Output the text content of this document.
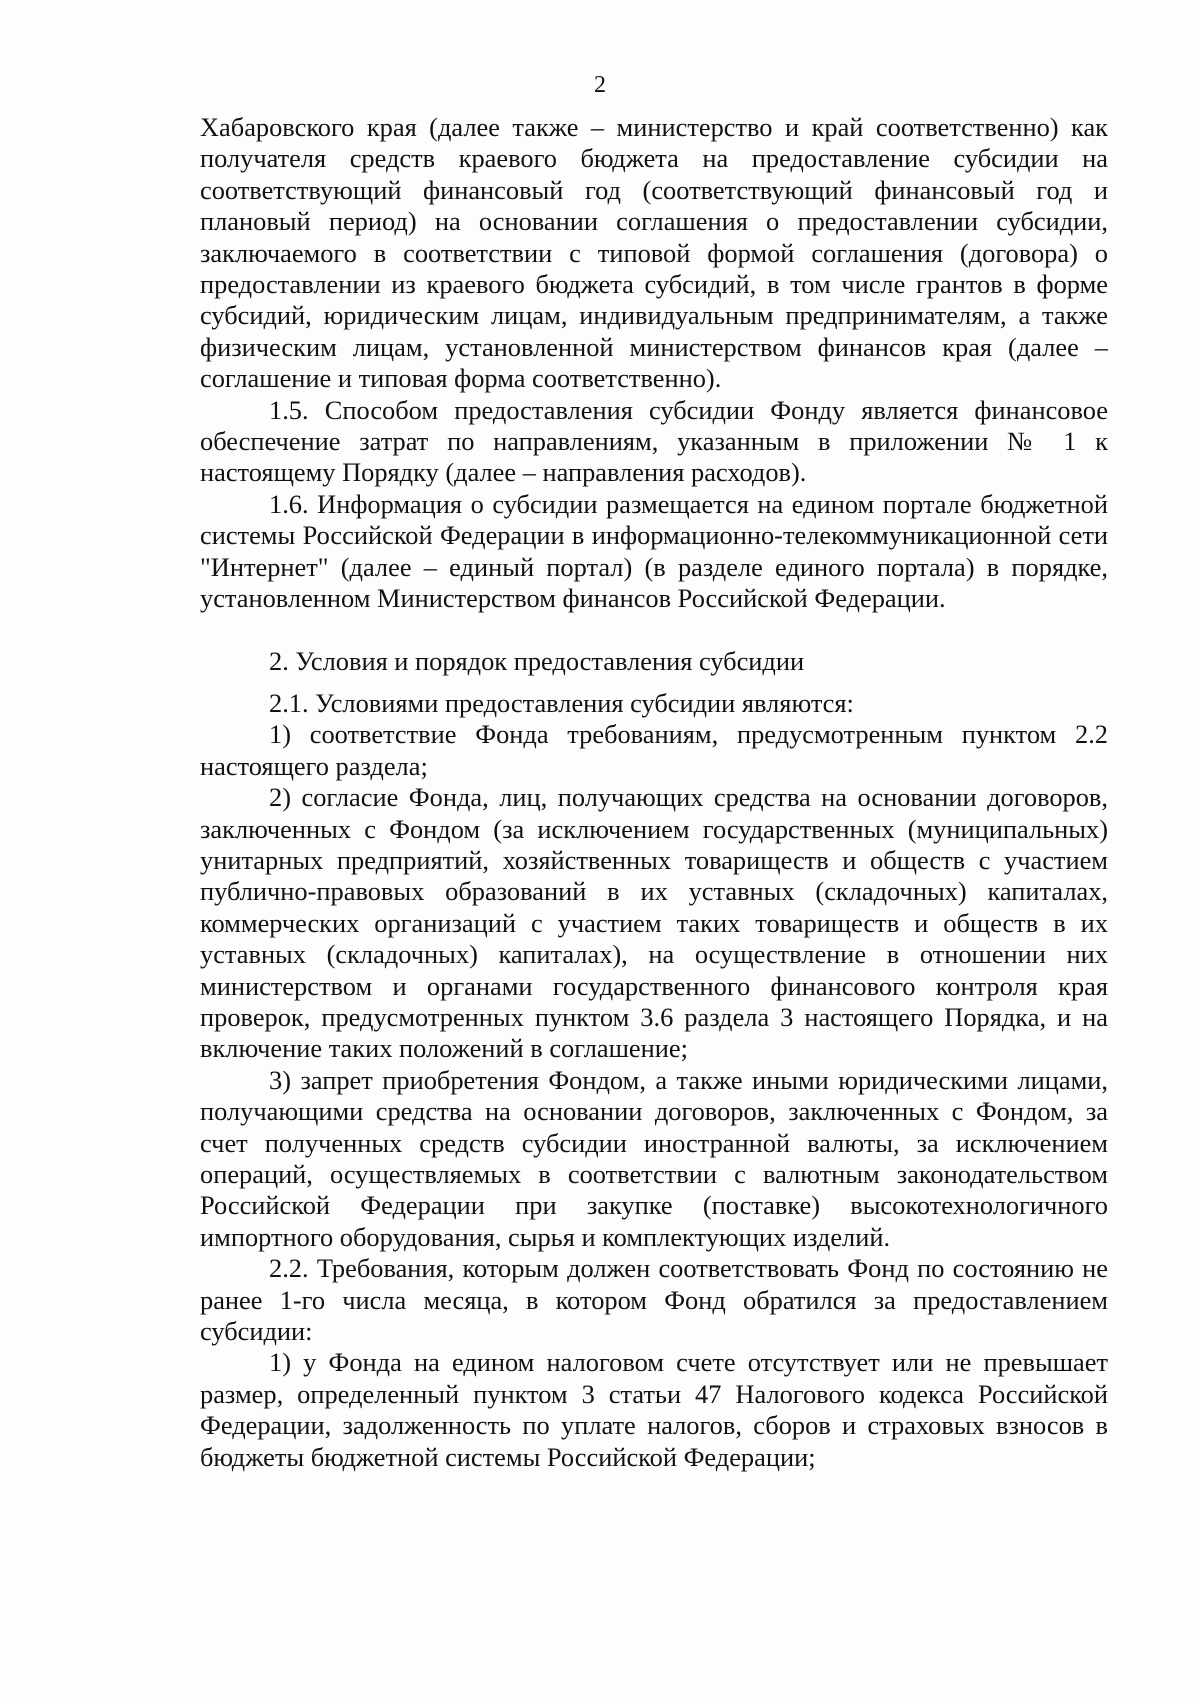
2

Хабаровского края (далее также – министерство и край соответственно) как получателя средств краевого бюджета на предоставление субсидии на соответствующий финансовый год (соответствующий финансовый год и плановый период) на основании соглашения о предоставлении субсидии, заключаемого в соответствии с типовой формой соглашения (договора) о предоставлении из краевого бюджета субсидий, в том числе грантов в форме субсидий, юридическим лицам, индивидуальным предпринимателям, а также физическим лицам, установленной министерством финансов края (далее – соглашение и типовая форма соответственно).

1.5. Способом предоставления субсидии Фонду является финансовое обеспечение затрат по направлениям, указанным в приложении № 1 к настоящему Порядку (далее – направления расходов).

1.6. Информация о субсидии размещается на едином портале бюджетной системы Российской Федерации в информационно-телекоммуникационной сети "Интернет" (далее – единый портал) (в разделе единого портала) в порядке, установленном Министерством финансов Российской Федерации.

2. Условия и порядок предоставления субсидии

2.1. Условиями предоставления субсидии являются:

1) соответствие Фонда требованиям, предусмотренным пунктом 2.2 настоящего раздела;

2) согласие Фонда, лиц, получающих средства на основании договоров, заключенных с Фондом (за исключением государственных (муниципальных) унитарных предприятий, хозяйственных товариществ и обществ с участием публично-правовых образований в их уставных (складочных) капиталах, коммерческих организаций с участием таких товариществ и обществ в их уставных (складочных) капиталах), на осуществление в отношении них министерством и органами государственного финансового контроля края проверок, предусмотренных пунктом 3.6 раздела 3 настоящего Порядка, и на включение таких положений в соглашение;

3) запрет приобретения Фондом, а также иными юридическими лицами, получающими средства на основании договоров, заключенных с Фондом, за счет полученных средств субсидии иностранной валюты, за исключением операций, осуществляемых в соответствии с валютным законодательством Российской Федерации при закупке (поставке) высокотехнологичного импортного оборудования, сырья и комплектующих изделий.

2.2. Требования, которым должен соответствовать Фонд по состоянию не ранее 1-го числа месяца, в котором Фонд обратился за предоставлением субсидии:

1) у Фонда на едином налоговом счете отсутствует или не превышает размер, определенный пунктом 3 статьи 47 Налогового кодекса Российской Федерации, задолженность по уплате налогов, сборов и страховых взносов в бюджеты бюджетной системы Российской Федерации;
